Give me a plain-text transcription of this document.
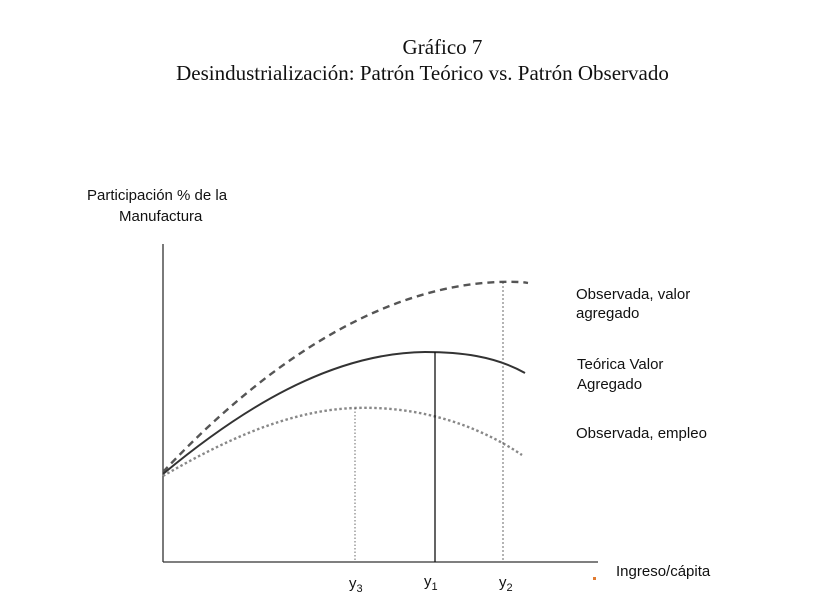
Gráfico 7
Desindustrialización: Patrón Teórico vs. Patrón Observado
Participación % de la
Manufactura
Ingreso/cápita
$y_3$	$y_1$	$y_2$
Observada, valor
agregado
Teórica Valor
Agregado
Observada, empleo
